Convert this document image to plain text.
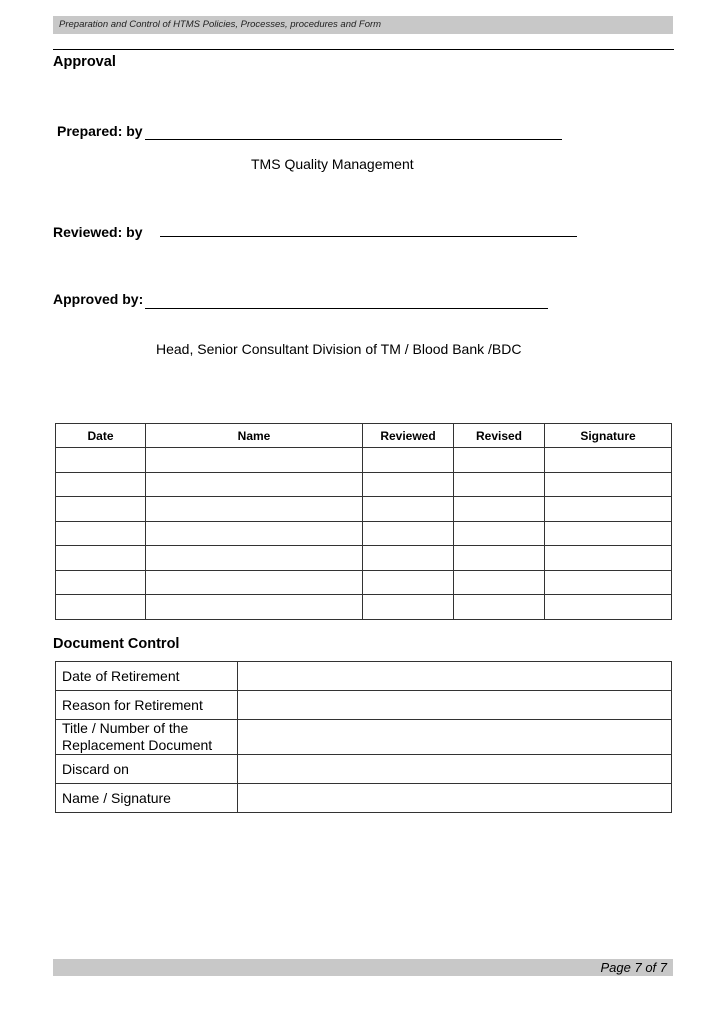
Preparation and Control of HTMS Policies, Processes, procedures and Form
Approval
Prepared: by
TMS Quality Management
Reviewed: by
Approved by:
Head, Senior Consultant Division of TM / Blood Bank /BDC
Date	Name	Reviewed	Revised	Signature

Document Control
Date of Retirement	
Reason for Retirement	
Title / Number of the Replacement Document	
Discard on	
Name / Signature	
Page 7 of 7
